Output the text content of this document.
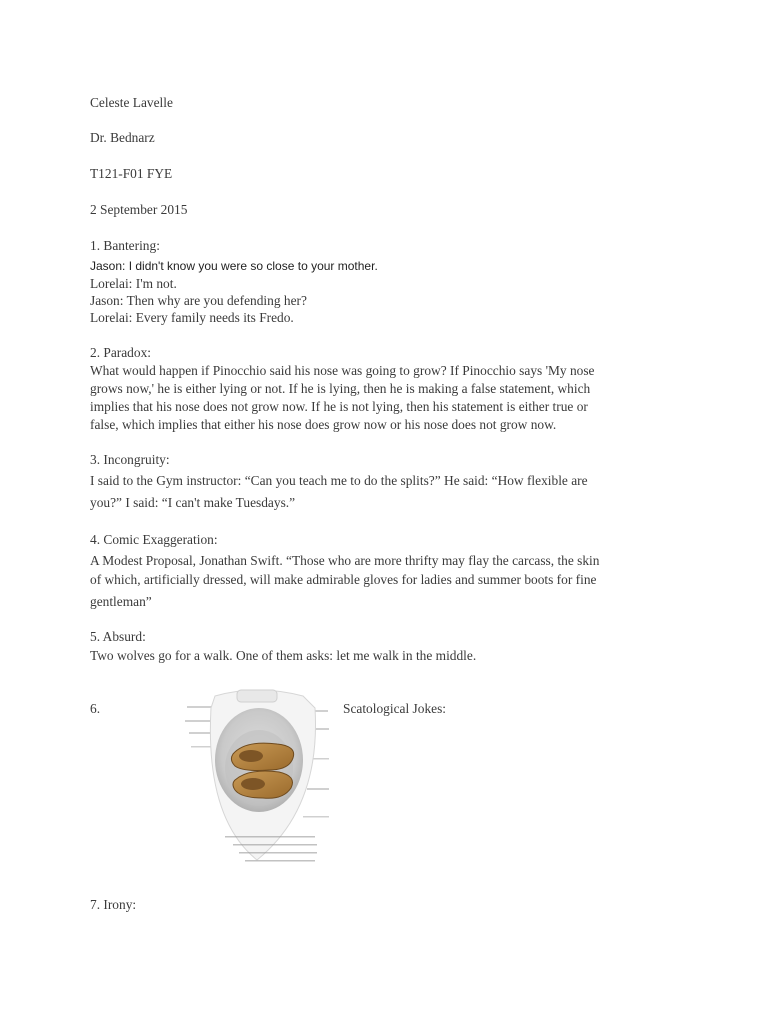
Celeste Lavelle
Dr. Bednarz
T121-F01 FYE
2 September 2015
1. Bantering:
Jason: I didn't know you were so close to your mother.
Lorelai: I'm not.
Jason: Then why are you defending her?
Lorelai: Every family needs its Fredo.
2. Paradox:
What would happen if Pinocchio said his nose was going to grow? If Pinocchio says 'My nose
grows now,' he is either lying or not. If he is lying, then he is making a false statement, which
implies that his nose does not grow now. If he is not lying, then his statement is either true or
false, which implies that either his nose does grow now or his nose does not grow now.
3. Incongruity:
I said to the Gym instructor: “Can you teach me to do the splits?” He said: “How flexible are
you?” I said: “I can't make Tuesdays.”
4. Comic Exaggeration:
A Modest Proposal, Jonathan Swift. “Those who are more thrifty may flay the carcass, the skin
of which, artificially dressed, will make admirable gloves for ladies and summer boots for fine
gentleman”
5. Absurd:
Two wolves go for a walk. One of them asks: let me walk in the middle.
6.	Scatological Jokes:
7. Irony:
